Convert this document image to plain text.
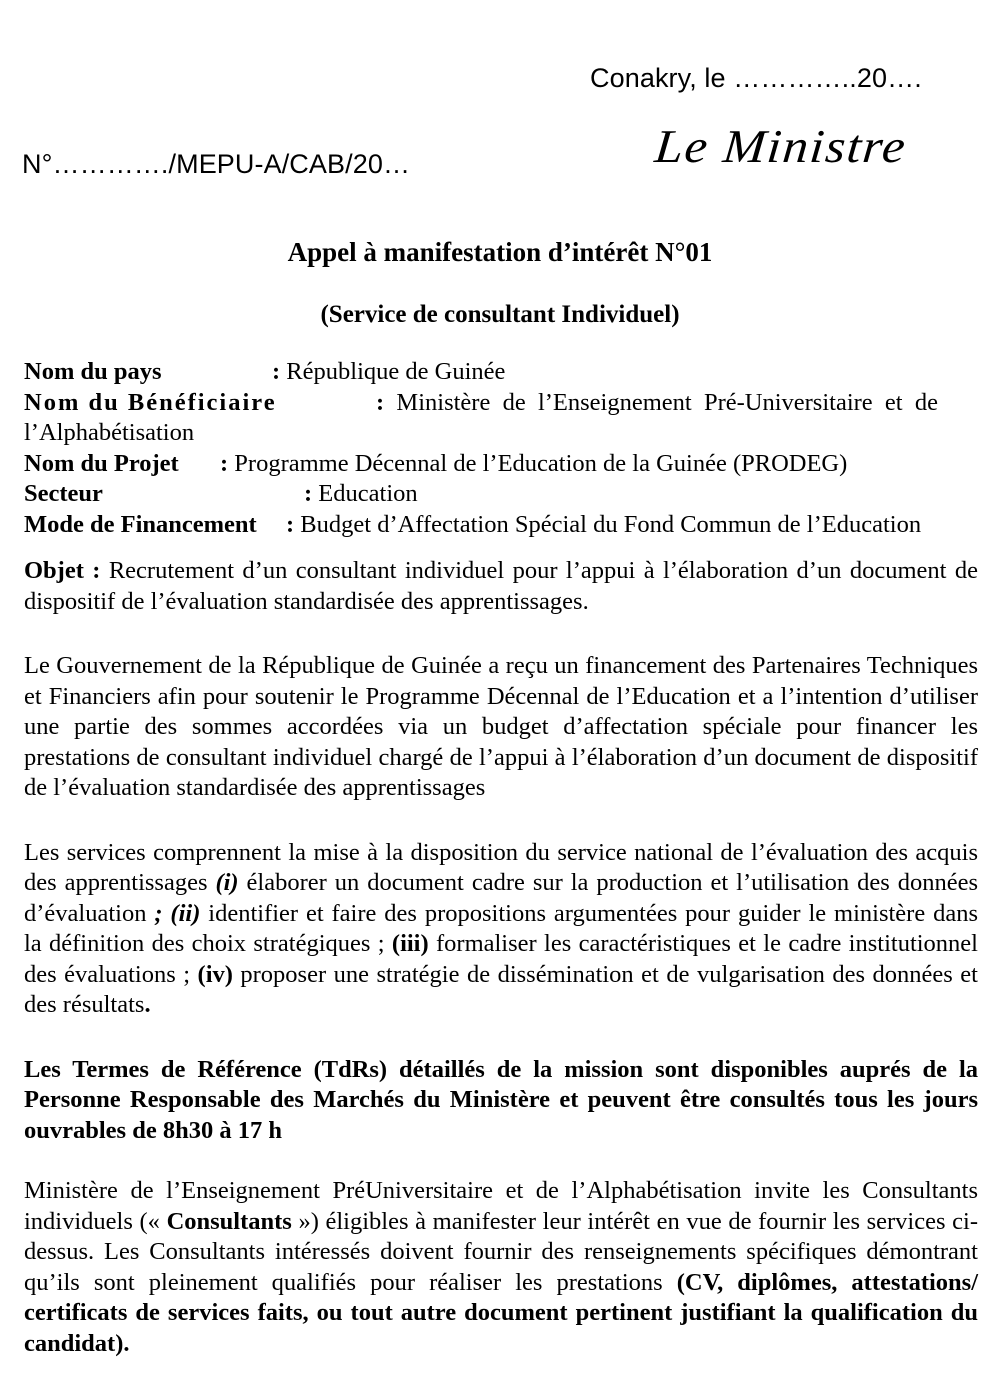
Conakry, le …………..20….
N°…………./MEPU-A/CAB/20…	Le Ministre
Appel à manifestation d’intérêt N°01
(Service de consultant Individuel)
Nom du pays	: République de Guinée
Nom du Bénéficiaire	:  Ministère  de  l’Enseignement  Pré-Universitaire  et  de
l’Alphabétisation
Nom du Projet : Programme Décennal de l’Education de la Guinée (PRODEG)
Secteur	: Education
Mode de Financement : Budget d’Affectation Spécial du Fond Commun de l’Education

Objet : Recrutement d’un consultant individuel pour l’appui à l’élaboration d’un document de dispositif de l’évaluation standardisée des apprentissages.

Le Gouvernement de la République de Guinée a reçu un financement des Partenaires Techniques et Financiers afin pour soutenir le Programme Décennal de l’Education et a l’intention d’utiliser une partie des sommes accordées via un budget d’affectation spéciale pour financer les prestations de consultant individuel chargé de l’appui à l’élaboration d’un document de dispositif de l’évaluation standardisée des apprentissages

Les services comprennent la mise à la disposition du service national de l’évaluation des acquis des apprentissages (i) élaborer un document cadre sur la production et l’utilisation des données d’évaluation ; (ii) identifier et faire des propositions argumentées pour guider le ministère dans la définition des choix stratégiques ; (iii) formaliser les caractéristiques et le cadre institutionnel des évaluations ; (iv) proposer une stratégie de dissémination et de vulgarisation des données et des résultats.

Les Termes de Référence (TdRs) détaillés de la mission sont disponibles auprés de la Personne Responsable des Marchés du Ministère et peuvent être consultés tous les jours ouvrables de 8h30 à 17 h

Ministère de l’Enseignement PréUniversitaire et de l’Alphabétisation invite les Consultants individuels (« Consultants ») éligibles à manifester leur intérêt en vue de fournir les services ci-dessus. Les Consultants intéressés doivent fournir des renseignements spécifiques démontrant qu’ils sont pleinement qualifiés pour réaliser les prestations (CV, diplômes, attestations/ certificats de services faits, ou tout autre document pertinent justifiant la qualification du candidat).
